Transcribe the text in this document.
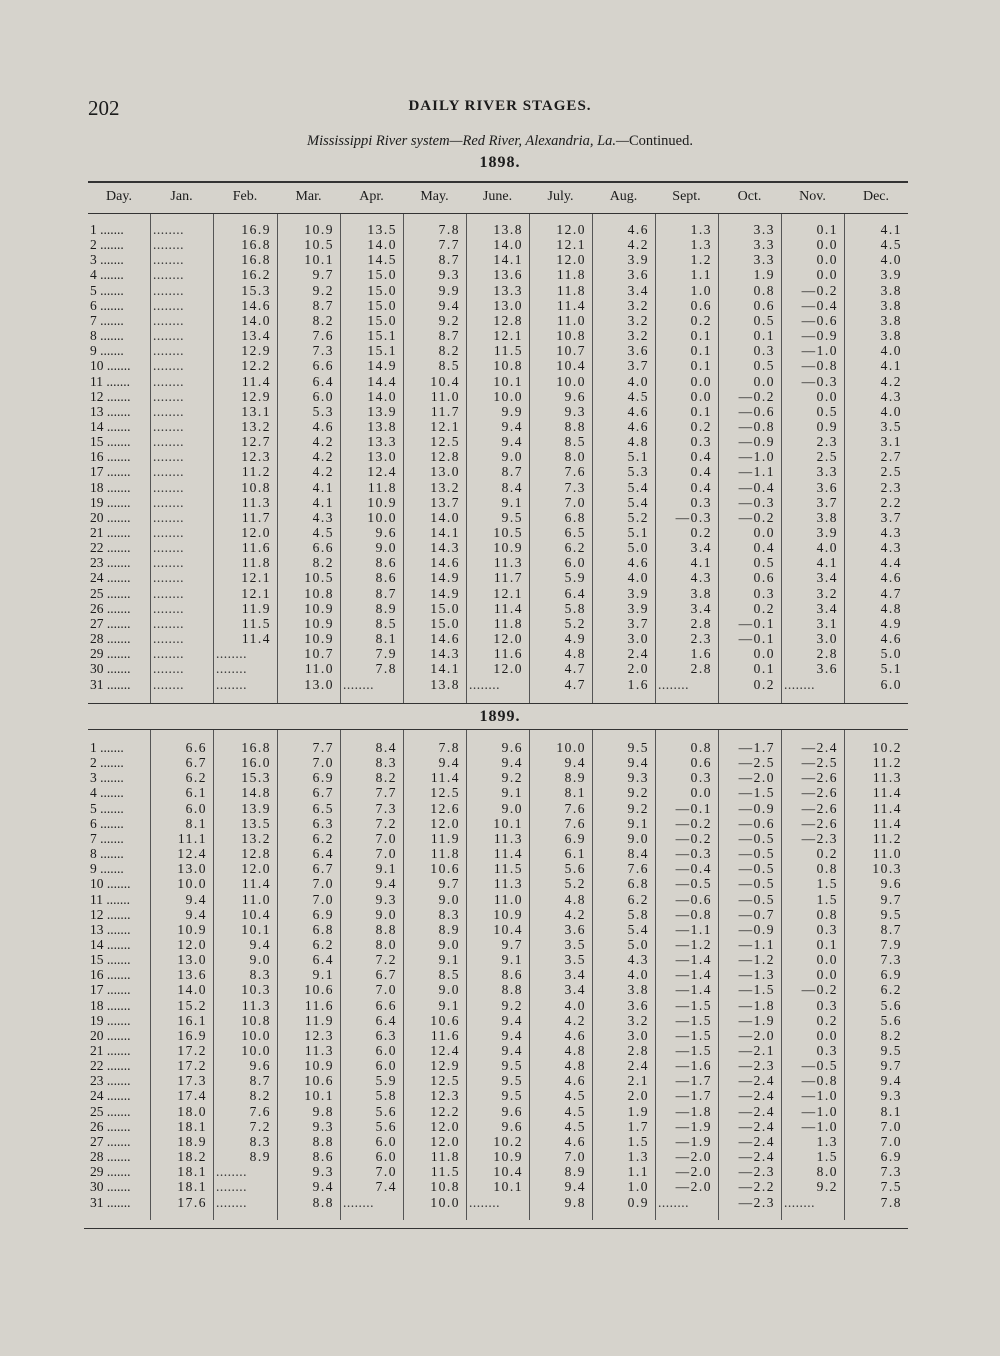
202	DAILY RIVER STAGES.
Mississippi River system—Red River, Alexandria, La.—Continued.
Day.	Jan.	Feb.	Mar.	Apr.	May.	June.	July.	Aug.	Sept.	Oct.	Nov.	Dec.
1898.
1 .......	........	16.9	10.9	13.5	7.8	13.8	12.0	4.6	1.3	3.3	0.1	4.1
2 .......	........	16.8	10.5	14.0	7.7	14.0	12.1	4.2	1.3	3.3	0.0	4.5
3 .......	........	16.8	10.1	14.5	8.7	14.1	12.0	3.9	1.2	3.3	0.0	4.0
4 .......	........	16.2	9.7	15.0	9.3	13.6	11.8	3.6	1.1	1.9	0.0	3.9
5 .......	........	15.3	9.2	15.0	9.9	13.3	11.8	3.4	1.0	0.8	—0.2	3.8
6 .......	........	14.6	8.7	15.0	9.4	13.0	11.4	3.2	0.6	0.6	—0.4	3.8
7 .......	........	14.0	8.2	15.0	9.2	12.8	11.0	3.2	0.2	0.5	—0.6	3.8
8 .......	........	13.4	7.6	15.1	8.7	12.1	10.8	3.2	0.1	0.1	—0.9	3.8
9 .......	........	12.9	7.3	15.1	8.2	11.5	10.7	3.6	0.1	0.3	—1.0	4.0
10 .......	........	12.2	6.6	14.9	8.5	10.8	10.4	3.7	0.1	0.5	—0.8	4.1
11 .......	........	11.4	6.4	14.4	10.4	10.1	10.0	4.0	0.0	0.0	—0.3	4.2
12 .......	........	12.9	6.0	14.0	11.0	10.0	9.6	4.5	0.0	—0.2	0.0	4.3
13 .......	........	13.1	5.3	13.9	11.7	9.9	9.3	4.6	0.1	—0.6	0.5	4.0
14 .......	........	13.2	4.6	13.8	12.1	9.4	8.8	4.6	0.2	—0.8	0.9	3.5
15 .......	........	12.7	4.2	13.3	12.5	9.4	8.5	4.8	0.3	—0.9	2.3	3.1
16 .......	........	12.3	4.2	13.0	12.8	9.0	8.0	5.1	0.4	—1.0	2.5	2.7
17 .......	........	11.2	4.2	12.4	13.0	8.7	7.6	5.3	0.4	—1.1	3.3	2.5
18 .......	........	10.8	4.1	11.8	13.2	8.4	7.3	5.4	0.4	—0.4	3.6	2.3
19 .......	........	11.3	4.1	10.9	13.7	9.1	7.0	5.4	0.3	—0.3	3.7	2.2
20 .......	........	11.7	4.3	10.0	14.0	9.5	6.8	5.2	—0.3	—0.2	3.8	3.7
21 .......	........	12.0	4.5	9.6	14.1	10.5	6.5	5.1	0.2	0.0	3.9	4.3
22 .......	........	11.6	6.6	9.0	14.3	10.9	6.2	5.0	3.4	0.4	4.0	4.3
23 .......	........	11.8	8.2	8.6	14.6	11.3	6.0	4.6	4.1	0.5	4.1	4.4
24 .......	........	12.1	10.5	8.6	14.9	11.7	5.9	4.0	4.3	0.6	3.4	4.6
25 .......	........	12.1	10.8	8.7	14.9	12.1	6.4	3.9	3.8	0.3	3.2	4.7
26 .......	........	11.9	10.9	8.9	15.0	11.4	5.8	3.9	3.4	0.2	3.4	4.8
27 .......	........	11.5	10.9	8.5	15.0	11.8	5.2	3.7	2.8	—0.1	3.1	4.9
28 .......	........	11.4	10.9	8.1	14.6	12.0	4.9	3.0	2.3	—0.1	3.0	4.6
29 .......	........	........	10.7	7.9	14.3	11.6	4.8	2.4	1.6	0.0	2.8	5.0
30 .......	........	........	11.0	7.8	14.1	12.0	4.7	2.0	2.8	0.1	3.6	5.1
31 .......	........	........	13.0 ........	13.8 ........	4.7	1.6 ........	0.2 ........	6.0
1899.
1 .......	6.6	16.8	7.7	8.4	7.8	9.6	10.0	9.5	0.8	—1.7	—2.4	10.2
2 .......	6.7	16.0	7.0	8.3	9.4	9.4	9.4	9.4	0.6	—2.5	—2.5	11.2
3 .......	6.2	15.3	6.9	8.2	11.4	9.2	8.9	9.3	0.3	—2.0	—2.6	11.3
4 .......	6.1	14.8	6.7	7.7	12.5	9.1	8.1	9.2	0.0	—1.5	—2.6	11.4
5 .......	6.0	13.9	6.5	7.3	12.6	9.0	7.6	9.2	—0.1	—0.9	—2.6	11.4
6 .......	8.1	13.5	6.3	7.2	12.0	10.1	7.6	9.1	—0.2	—0.6	—2.6	11.4
7 .......	11.1	13.2	6.2	7.0	11.9	11.3	6.9	9.0	—0.2	—0.5	—2.3	11.2
8 .......	12.4	12.8	6.4	7.0	11.8	11.4	6.1	8.4	—0.3	—0.5	0.2	11.0
9 .......	13.0	12.0	6.7	9.1	10.6	11.5	5.6	7.6	—0.4	—0.5	0.8	10.3
10 .......	10.0	11.4	7.0	9.4	9.7	11.3	5.2	6.8	—0.5	—0.5	1.5	9.6
11 .......	9.4	11.0	7.0	9.3	9.0	11.0	4.8	6.2	—0.6	—0.5	1.5	9.7
12 .......	9.4	10.4	6.9	9.0	8.3	10.9	4.2	5.8	—0.8	—0.7	0.8	9.5
13 .......	10.9	10.1	6.8	8.8	8.9	10.4	3.6	5.4	—1.1	—0.9	0.3	8.7
14 .......	12.0	9.4	6.2	8.0	9.0	9.7	3.5	5.0	—1.2	—1.1	0.1	7.9
15 .......	13.0	9.0	6.4	7.2	9.1	9.1	3.5	4.3	—1.4	—1.2	0.0	7.3
16 .......	13.6	8.3	9.1	6.7	8.5	8.6	3.4	4.0	—1.4	—1.3	0.0	6.9
17 .......	14.0	10.3	10.6	7.0	9.0	8.8	3.4	3.8	—1.4	—1.5	—0.2	6.2
18 .......	15.2	11.3	11.6	6.6	9.1	9.2	4.0	3.6	—1.5	—1.8	0.3	5.6
19 .......	16.1	10.8	11.9	6.4	10.6	9.4	4.2	3.2	—1.5	—1.9	0.2	5.6
20 .......	16.9	10.0	12.3	6.3	11.6	9.4	4.6	3.0	—1.5	—2.0	0.0	8.2
21 .......	17.2	10.0	11.3	6.0	12.4	9.4	4.8	2.8	—1.5	—2.1	0.3	9.5
22 .......	17.2	9.6	10.9	6.0	12.9	9.5	4.8	2.4	—1.6	—2.3	—0.5	9.7
23 .......	17.3	8.7	10.6	5.9	12.5	9.5	4.6	2.1	—1.7	—2.4	—0.8	9.4
24 .......	17.4	8.2	10.1	5.8	12.3	9.5	4.5	2.0	—1.7	—2.4	—1.0	9.3
25 .......	18.0	7.6	9.8	5.6	12.2	9.6	4.5	1.9	—1.8	—2.4	—1.0	8.1
26 .......	18.1	7.2	9.3	5.6	12.0	9.6	4.5	1.7	—1.9	—2.4	—1.0	7.0
27 .......	18.9	8.3	8.8	6.0	12.0	10.2	4.6	1.5	—1.9	—2.4	1.3	7.0
28 .......	18.2	8.9	8.6	6.0	11.8	10.9	7.0	1.3	—2.0	—2.4	1.5	6.9
29 .......	18.1 ........	9.3	7.0	11.5	10.4	8.9	1.1	—2.0	—2.3	8.0	7.3
30 .......	18.1 ........	9.4	7.4	10.8	10.1	9.4	1.0	—2.0	—2.2	9.2	7.5
31 .......	17.6 ........	8.8 ........	10.0 ........	9.8	0.9 ........	—2.3 ........	7.8
